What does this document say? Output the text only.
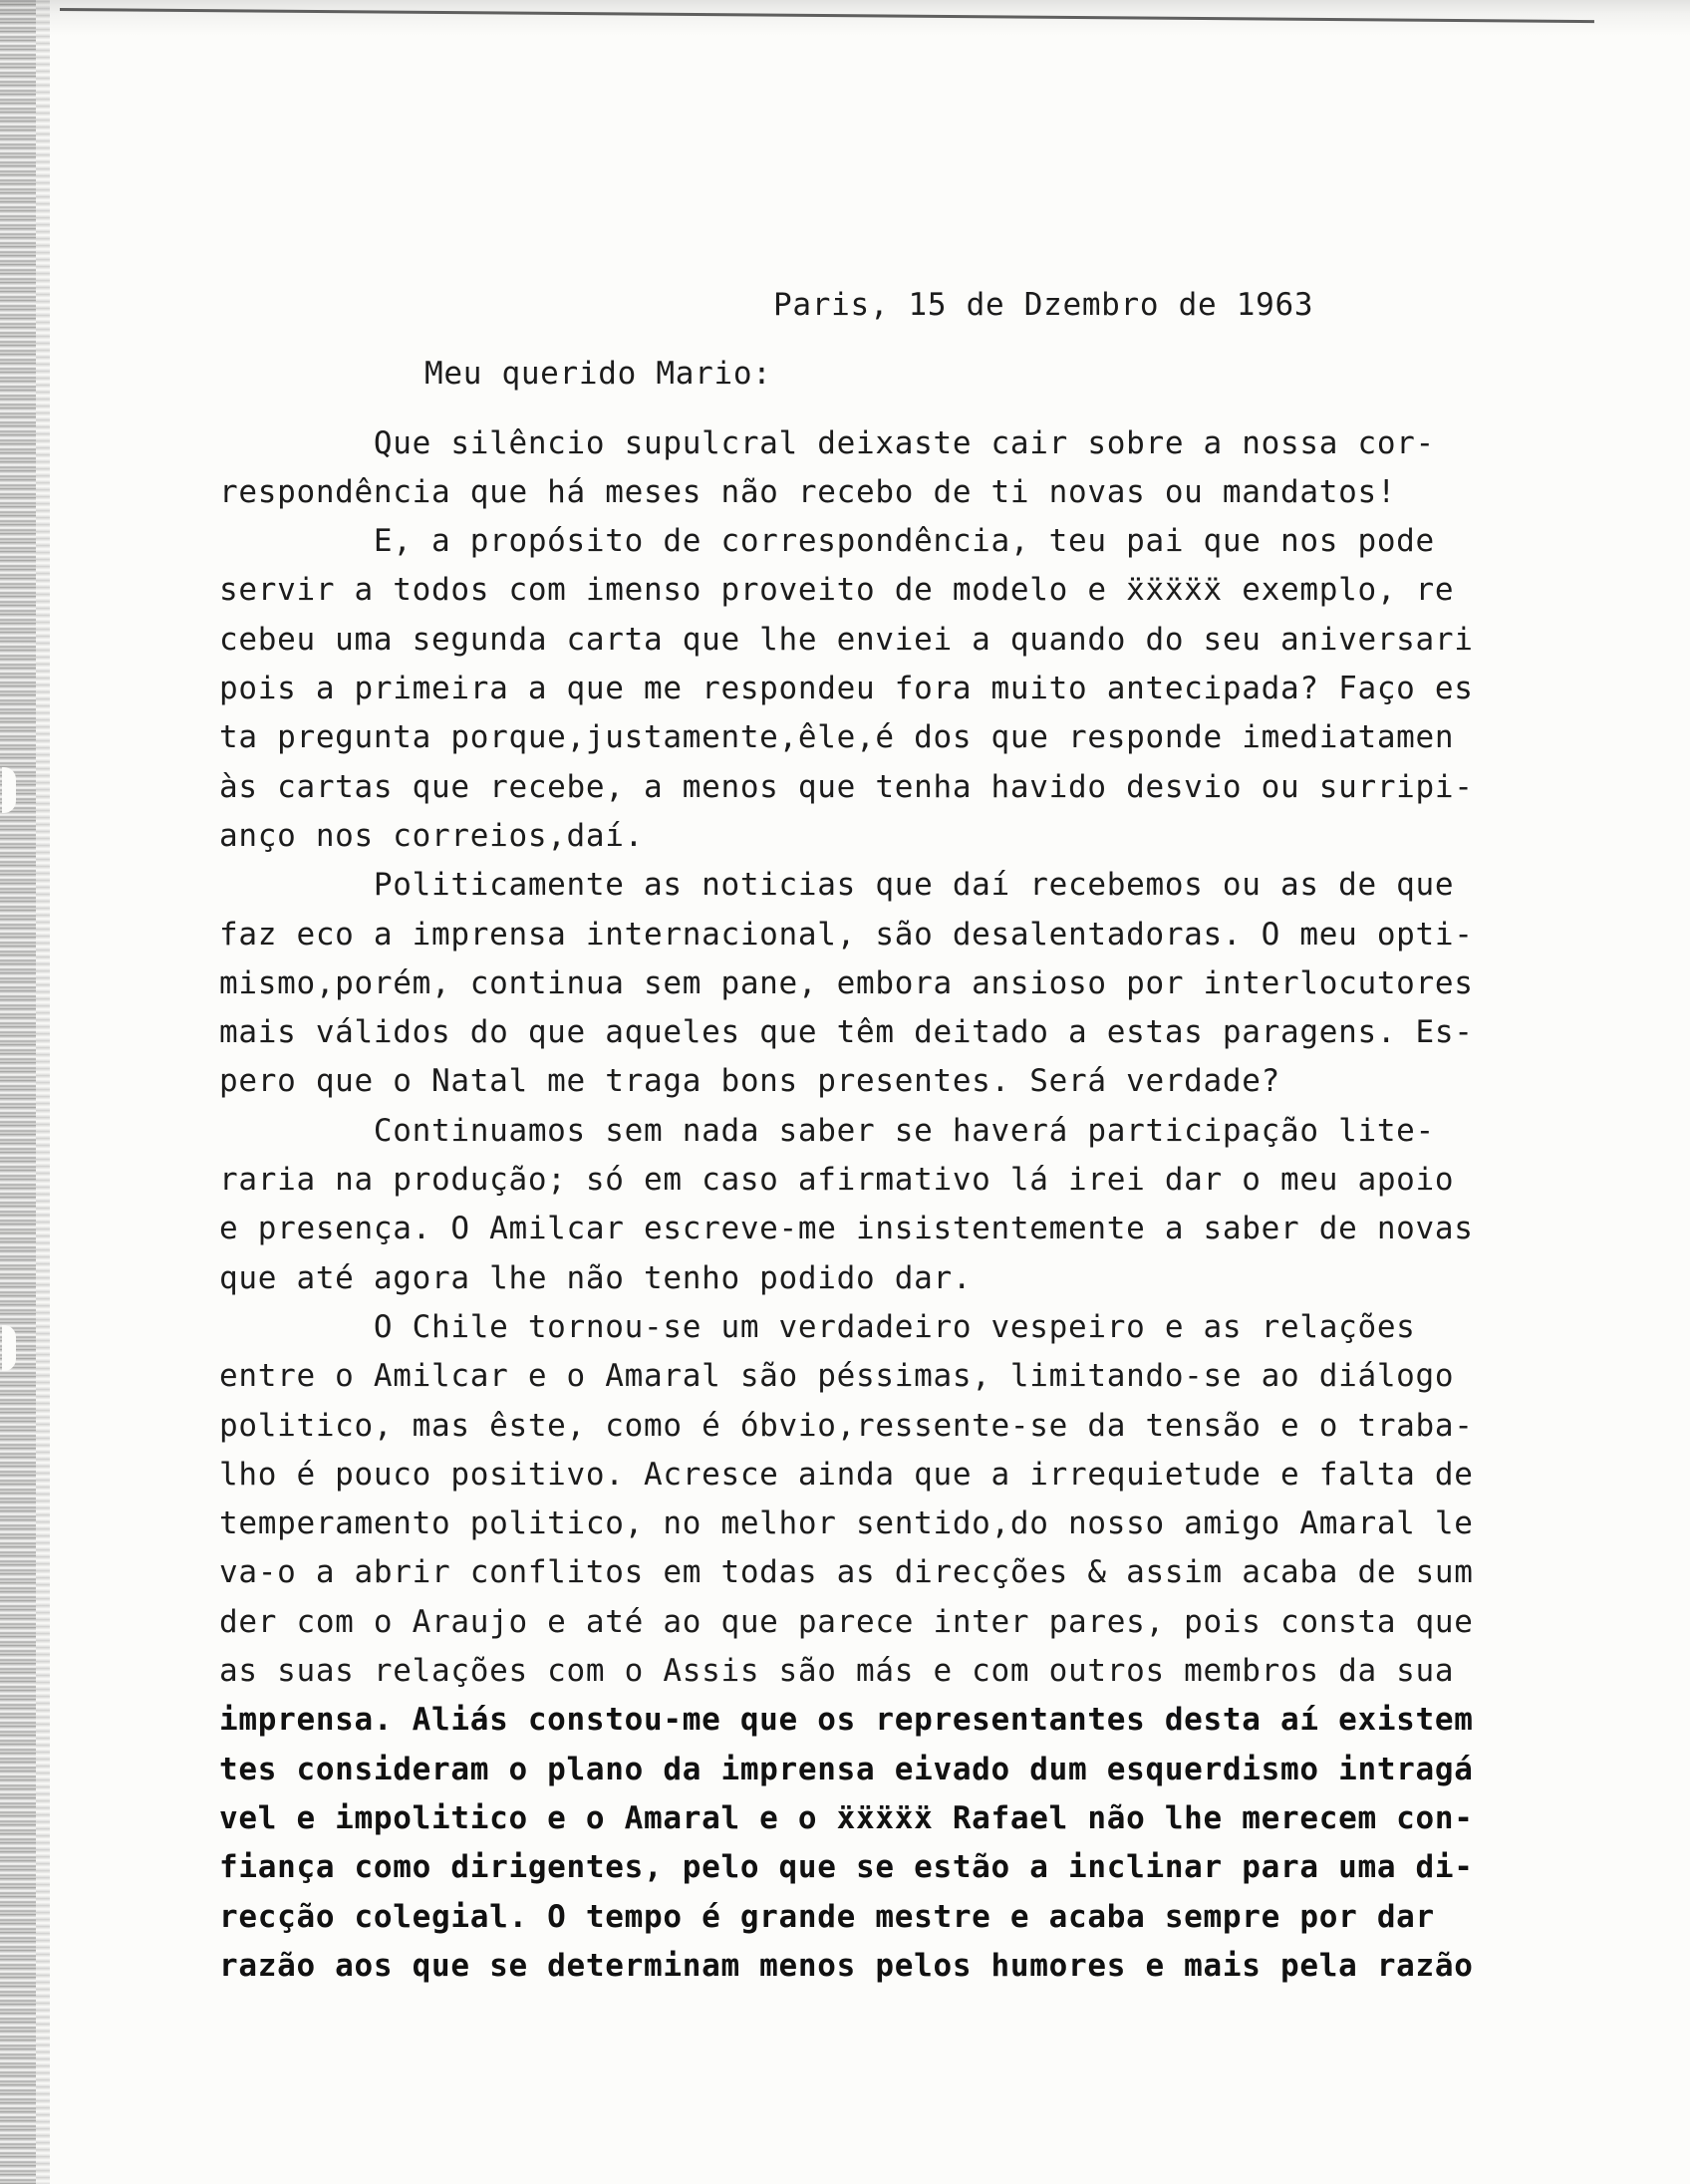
Paris, 15 de Dzembro de 1963
Meu querido Mario:
Que silêncio supulcral deixaste cair sobre a nossa cor-
respondência que há meses não recebo de ti novas ou mandatos!
E, a propósito de correspondência, teu pai que nos pode
servir a todos com imenso proveito de modelo e ẍẍẍẍẍ exemplo, re
cebeu uma segunda carta que lhe enviei a quando do seu aniversari
pois a primeira a que me respondeu fora muito antecipada? Faço es
ta pregunta porque,justamente,êle,é dos que responde imediatamen
às cartas que recebe, a menos que tenha havido desvio ou surripi-
anço nos correios,daí.
Politicamente as noticias que daí recebemos ou as de que
faz eco a imprensa internacional, são desalentadoras. O meu opti-
mismo,porém, continua sem pane, embora ansioso por interlocutores
mais válidos do que aqueles que têm deitado a estas paragens. Es-
pero que o Natal me traga bons presentes. Será verdade?
Continuamos sem nada saber se haverá participação lite-
raria na produção; só em caso afirmativo lá irei dar o meu apoio
e presença. O Amilcar escreve-me insistentemente a saber de novas
que até agora lhe não tenho podido dar.
O Chile tornou-se um verdadeiro vespeiro e as relações
entre o Amilcar e o Amaral são péssimas, limitando-se ao diálogo
politico, mas êste, como é óbvio,ressente-se da tensão e o traba-
lho é pouco positivo. Acresce ainda que a irrequietude e falta de
temperamento politico, no melhor sentido,do nosso amigo Amaral le
va-o a abrir conflitos em todas as direcções & assim acaba de sum
der com o Araujo e até ao que parece inter pares, pois consta que
as suas relações com o Assis são más e com outros membros da sua
imprensa. Aliás constou-me que os representantes desta aí existem
tes consideram o plano da imprensa eivado dum esquerdismo intragá
vel e impolitico e o Amaral e o ẍẍẍẍẍ Rafael não lhe merecem con-
fiança como dirigentes, pelo que se estão a inclinar para uma di-
recção colegial. O tempo é grande mestre e acaba sempre por dar
razão aos que se determinam menos pelos humores e mais pela razão
